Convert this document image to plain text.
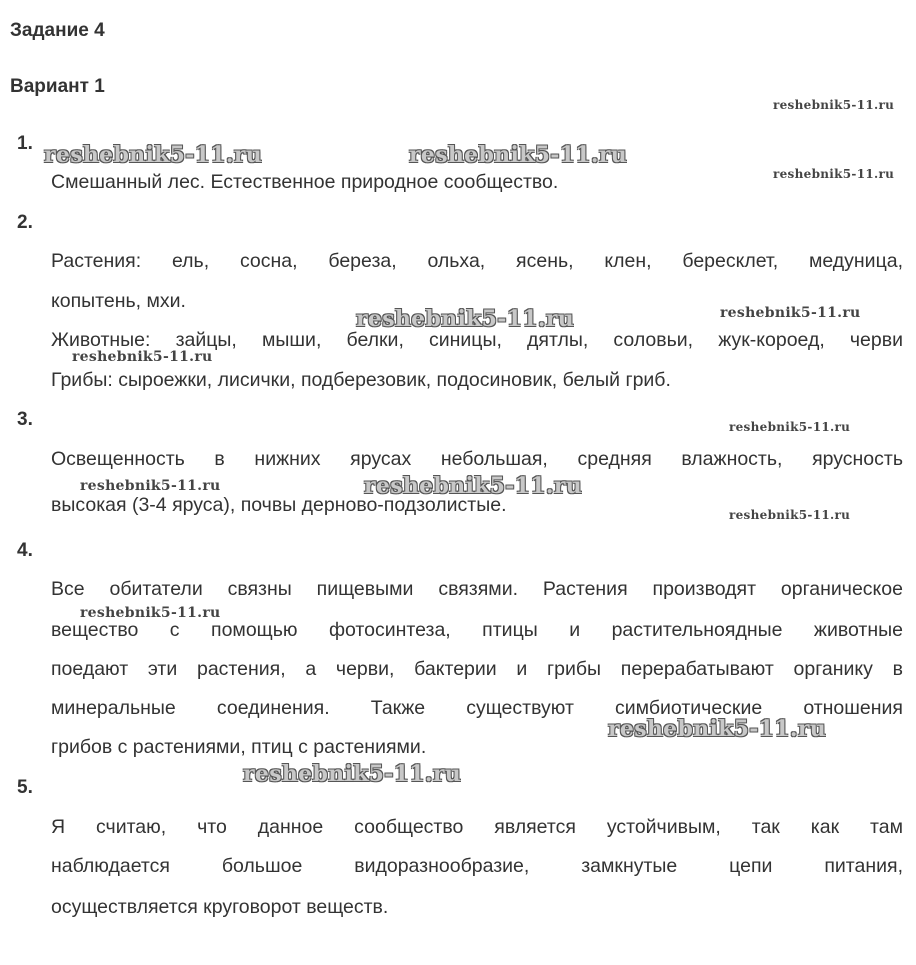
Задание 4
Вариант 1
1.
Смешанный лес. Естественное природное сообщество.
2.
Растения: ель, сосна, береза, ольха, ясень, клен, бересклет, медуница,
копытень, мхи.
Животные: зайцы, мыши, белки, синицы, дятлы, соловьи, жук-короед, черви
Грибы: сыроежки, лисички, подберезовик, подосиновик, белый гриб.
3.
Освещенность в нижних ярусах небольшая, средняя влажность, ярусность
высокая (3-4 яруса), почвы дерново-подзолистые.
4.
Все обитатели связны пищевыми связями. Растения производят органическое
вещество с помощью фотосинтеза, птицы и растительноядные животные
поедают эти растения, а черви, бактерии и грибы перерабатывают органику в
минеральные соединения. Также существуют симбиотические отношения
грибов с растениями, птиц с растениями.
5.
Я считаю, что данное сообщество является устойчивым, так как там
наблюдается большое видоразнообразие, замкнутые цепи питания,
осуществляется круговорот веществ.
reshebnik5-11.ru
reshebnik5-11.ru	reshebnik5-11.ru
reshebnik5-11.ru
reshebnik5-11.ru	reshebnik5-11.ru
reshebnik5-11.ru
reshebnik5-11.ru
reshebnik5-11.ru	reshebnik5-11.ru
reshebnik5-11.ru
reshebnik5-11.ru
reshebnik5-11.ru
reshebnik5-11.ru
